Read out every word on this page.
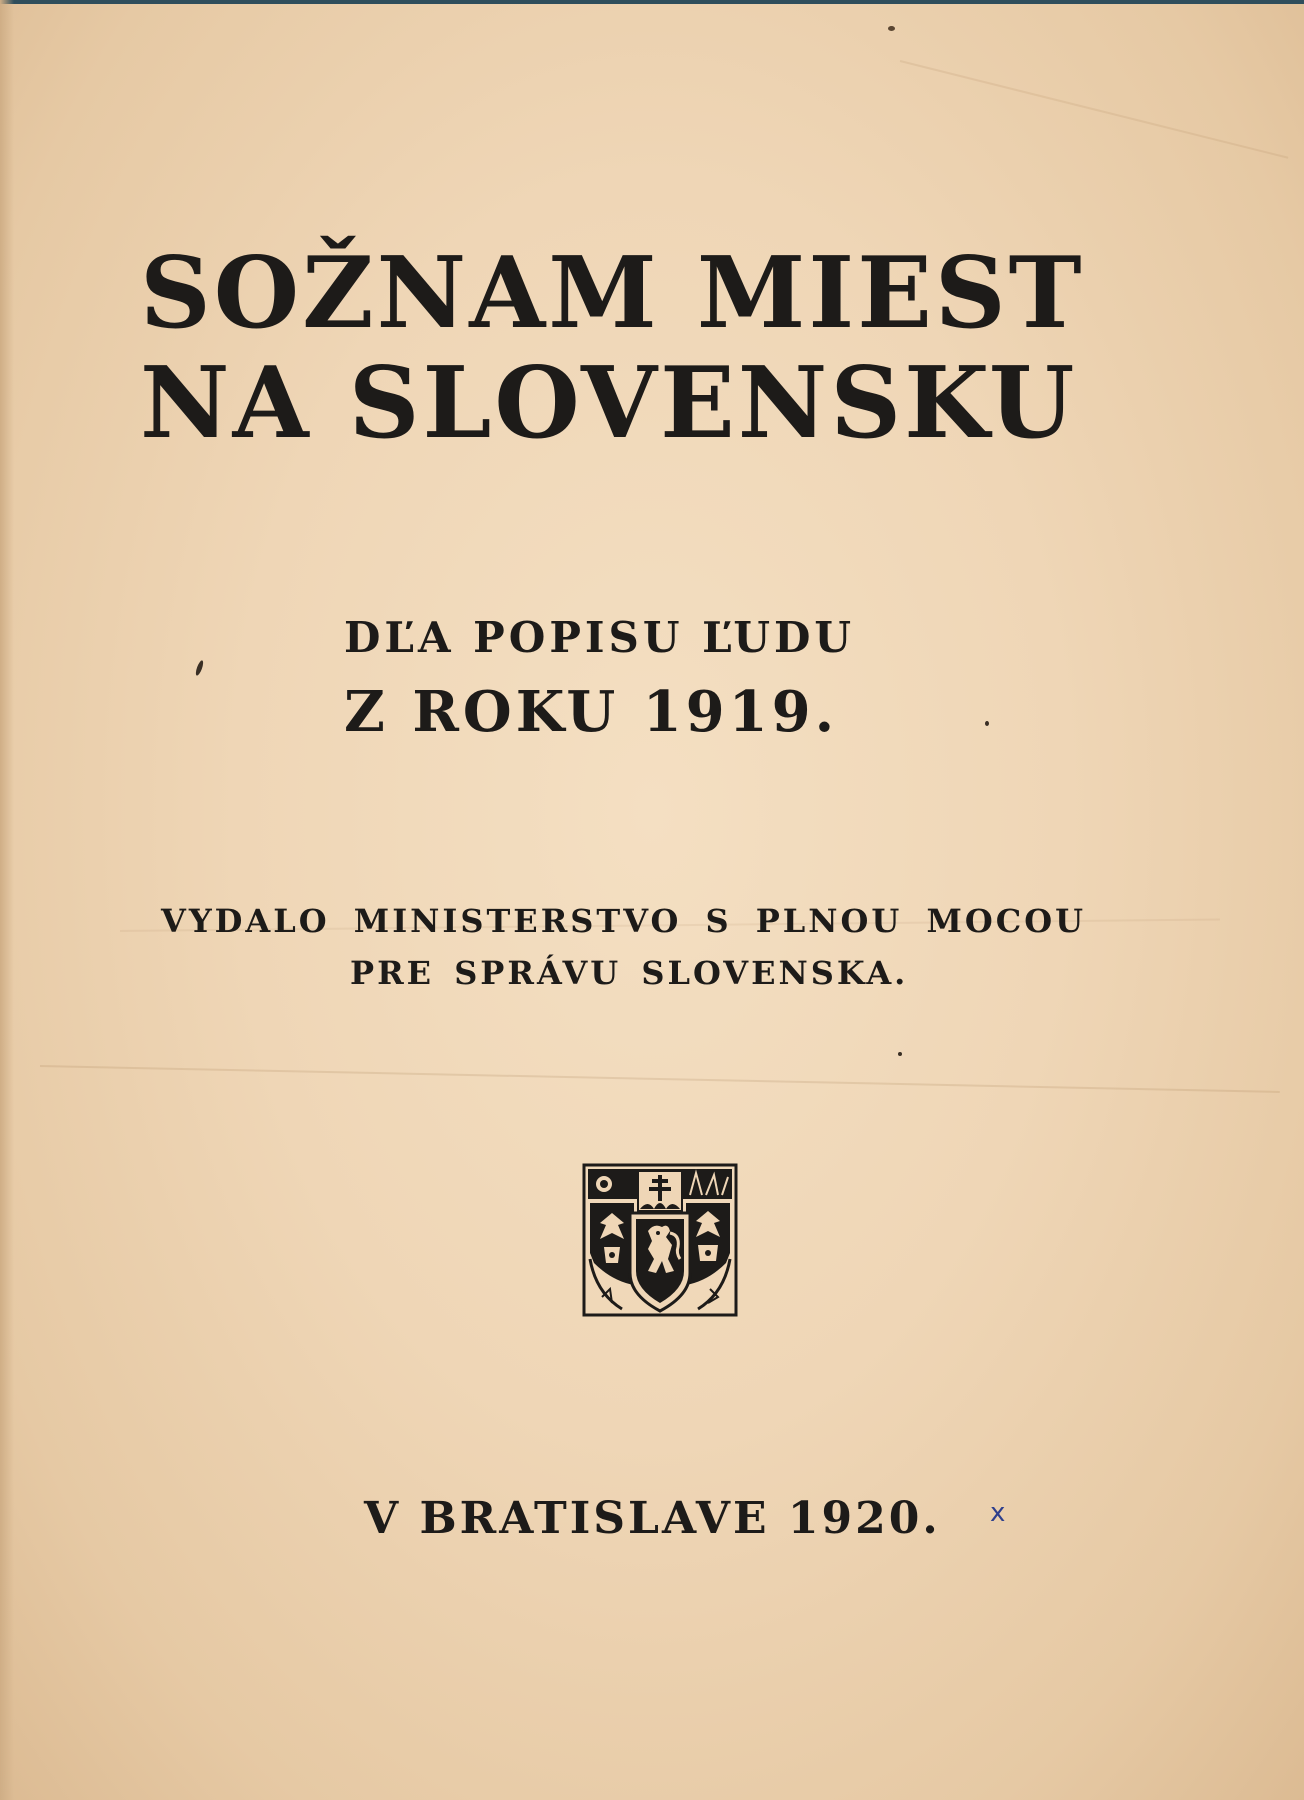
SOŽNAM MIEST
NA SLOVENSKU
DĽA POPISU ĽUDU
Z ROKU 1919.
VYDALO MINISTERSTVO S PLNOU MOCOU
PRE SPRÁVU SLOVENSKA.
V BRATISLAVE 1920. x
